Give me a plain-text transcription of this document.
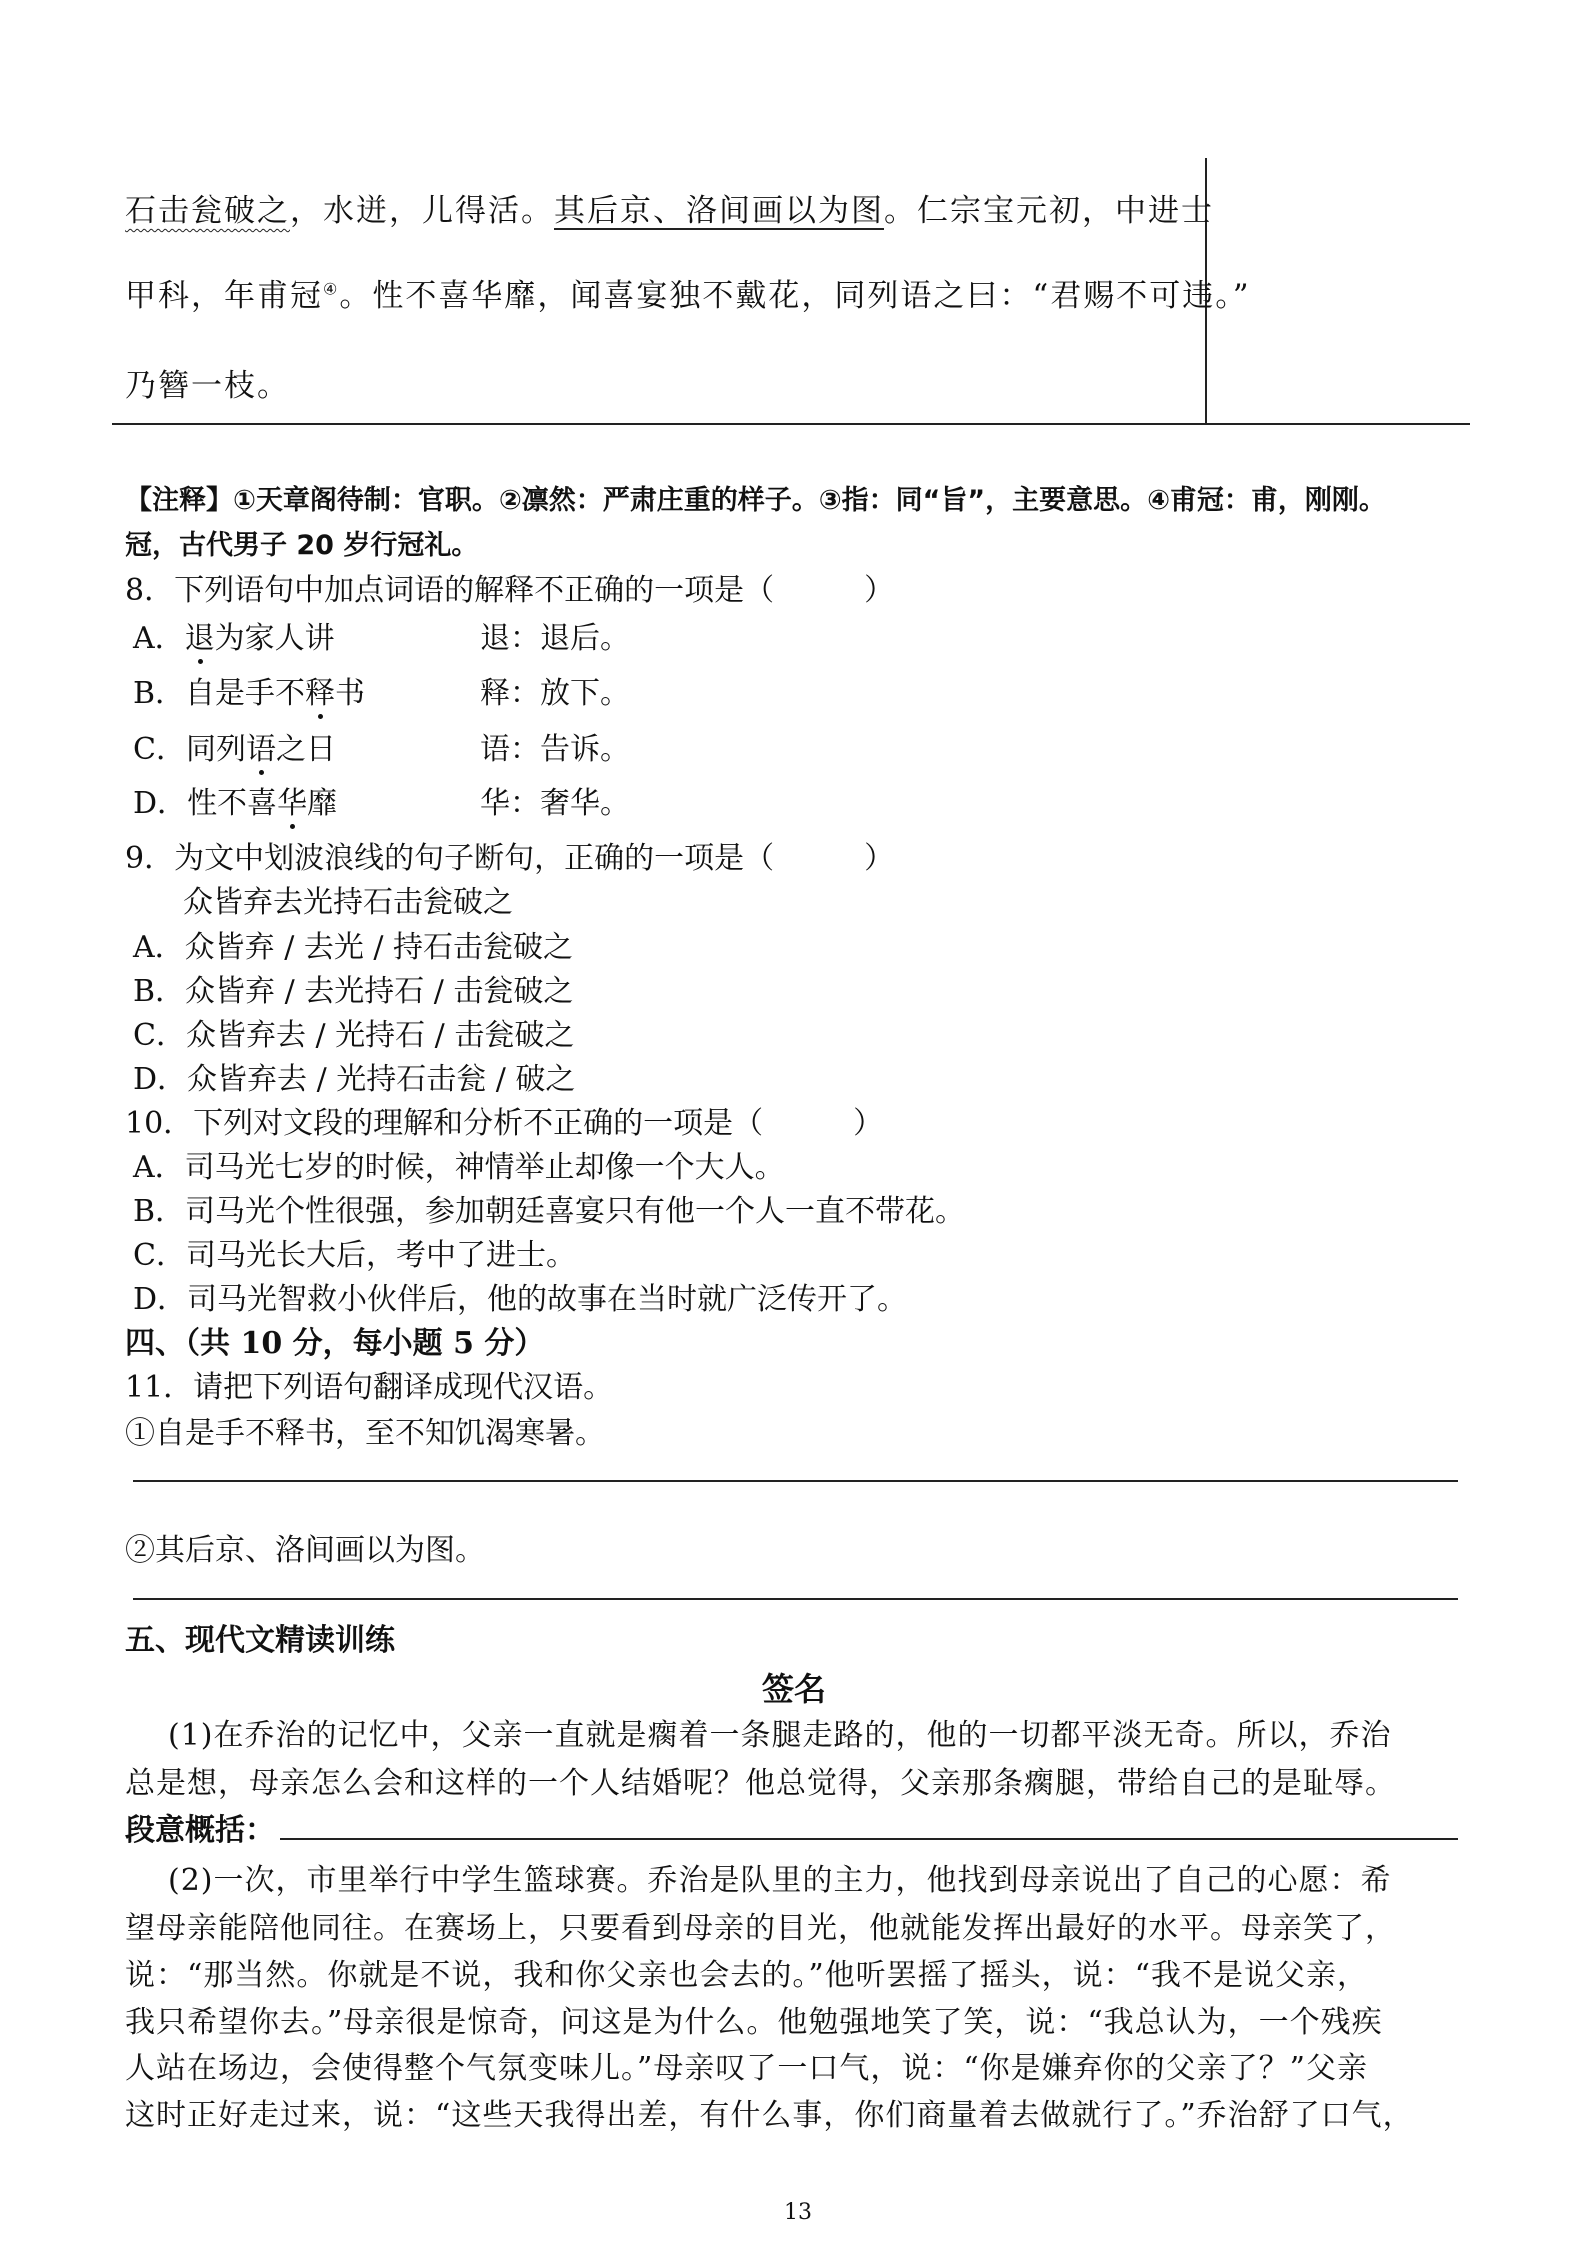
石击瓮破之，水迸，儿得活。其后京、洛间画以为图。仁宗宝元初，中进士
甲科，年甫冠④。性不喜华靡，闻喜宴独不戴花，同列语之曰：“君赐不可违。”
乃簪一枝。
【注释】①天章阁待制：官职。②凛然：严肃庄重的样子。③指：同“旨”，主要意思。④甫冠：甫，刚刚。
冠，古代男子 20 岁行冠礼。
8．下列语句中加点词语的解释不正确的一项是（　　　）
A．退为家人讲	退：退后。
B．自是手不释书	释：放下。
C．同列语之日	语：告诉。
D．性不喜华靡	华：奢华。
9．为文中划波浪线的句子断句，正确的一项是（　　　）
众皆弃去光持石击瓮破之
A．众皆弃 / 去光 / 持石击瓮破之
B．众皆弃 / 去光持石 / 击瓮破之
C．众皆弃去 / 光持石 / 击瓮破之
D．众皆弃去 / 光持石击瓮 / 破之
10．下列对文段的理解和分析不正确的一项是（　　　）
A．司马光七岁的时候，神情举止却像一个大人。
B．司马光个性很强，参加朝廷喜宴只有他一个人一直不带花。
C．司马光长大后，考中了进士。
D．司马光智救小伙伴后，他的故事在当时就广泛传开了。
四、（共 10 分，每小题 5 分）
11．请把下列语句翻译成现代汉语。
①自是手不释书，至不知饥渴寒暑。
②其后京、洛间画以为图。
五、现代文精读训练
签名
(1)在乔治的记忆中，父亲一直就是瘸着一条腿走路的，他的一切都平淡无奇。所以，乔治
总是想，母亲怎么会和这样的一个人结婚呢？他总觉得，父亲那条瘸腿，带给自己的是耻辱。
段意概括：
(2)一次，市里举行中学生篮球赛。乔治是队里的主力，他找到母亲说出了自己的心愿：希
望母亲能陪他同往。在赛场上，只要看到母亲的目光，他就能发挥出最好的水平。母亲笑了，
说：“那当然。你就是不说，我和你父亲也会去的。”他听罢摇了摇头，说：“我不是说父亲，
我只希望你去。”母亲很是惊奇，问这是为什么。他勉强地笑了笑，说：“我总认为，一个残疾
人站在场边，会使得整个气氛变味儿。”母亲叹了一口气，说：“你是嫌弃你的父亲了？”父亲
这时正好走过来，说：“这些天我得出差，有什么事，你们商量着去做就行了。”乔治舒了口气，
13
